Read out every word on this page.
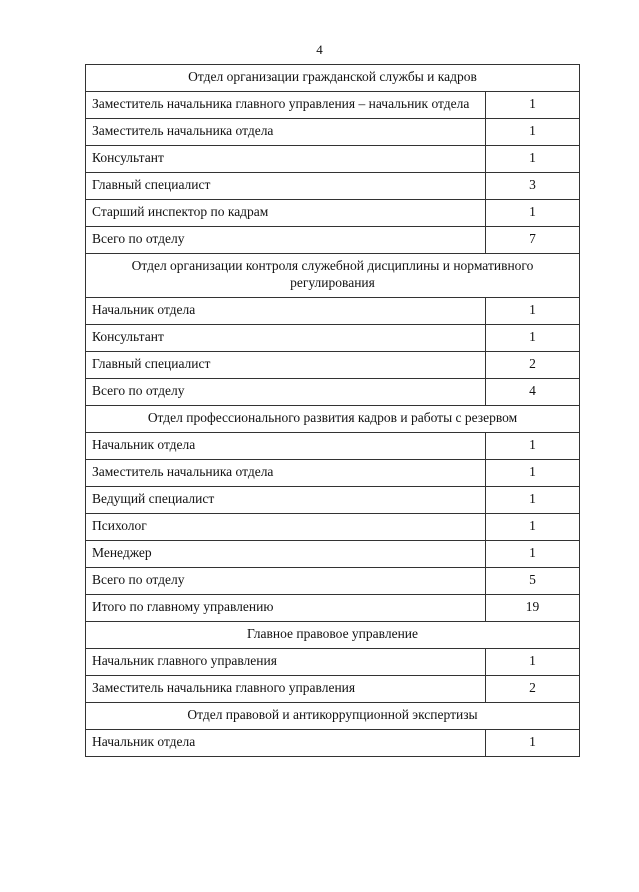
4
Отдел организации гражданской службы и кадров	
Заместитель начальника главного управления – начальник отдела	1
Заместитель начальника отдела	1
Консультант	1
Главный специалист	3
Старший инспектор по кадрам	1
Всего по отделу	7
Отдел организации контроля служебной дисциплины и нормативного регулирования	
Начальник отдела	1
Консультант	1
Главный специалист	2
Всего по отделу	4
Отдел профессионального развития кадров и работы с резервом	
Начальник отдела	1
Заместитель начальника отдела	1
Ведущий специалист	1
Психолог	1
Менеджер	1
Всего по отделу	5
Итого по главному управлению	19
Главное правовое управление	
Начальник главного управления	1
Заместитель начальника главного управления	2
Отдел правовой и антикоррупционной экспертизы	
Начальник отдела	1
